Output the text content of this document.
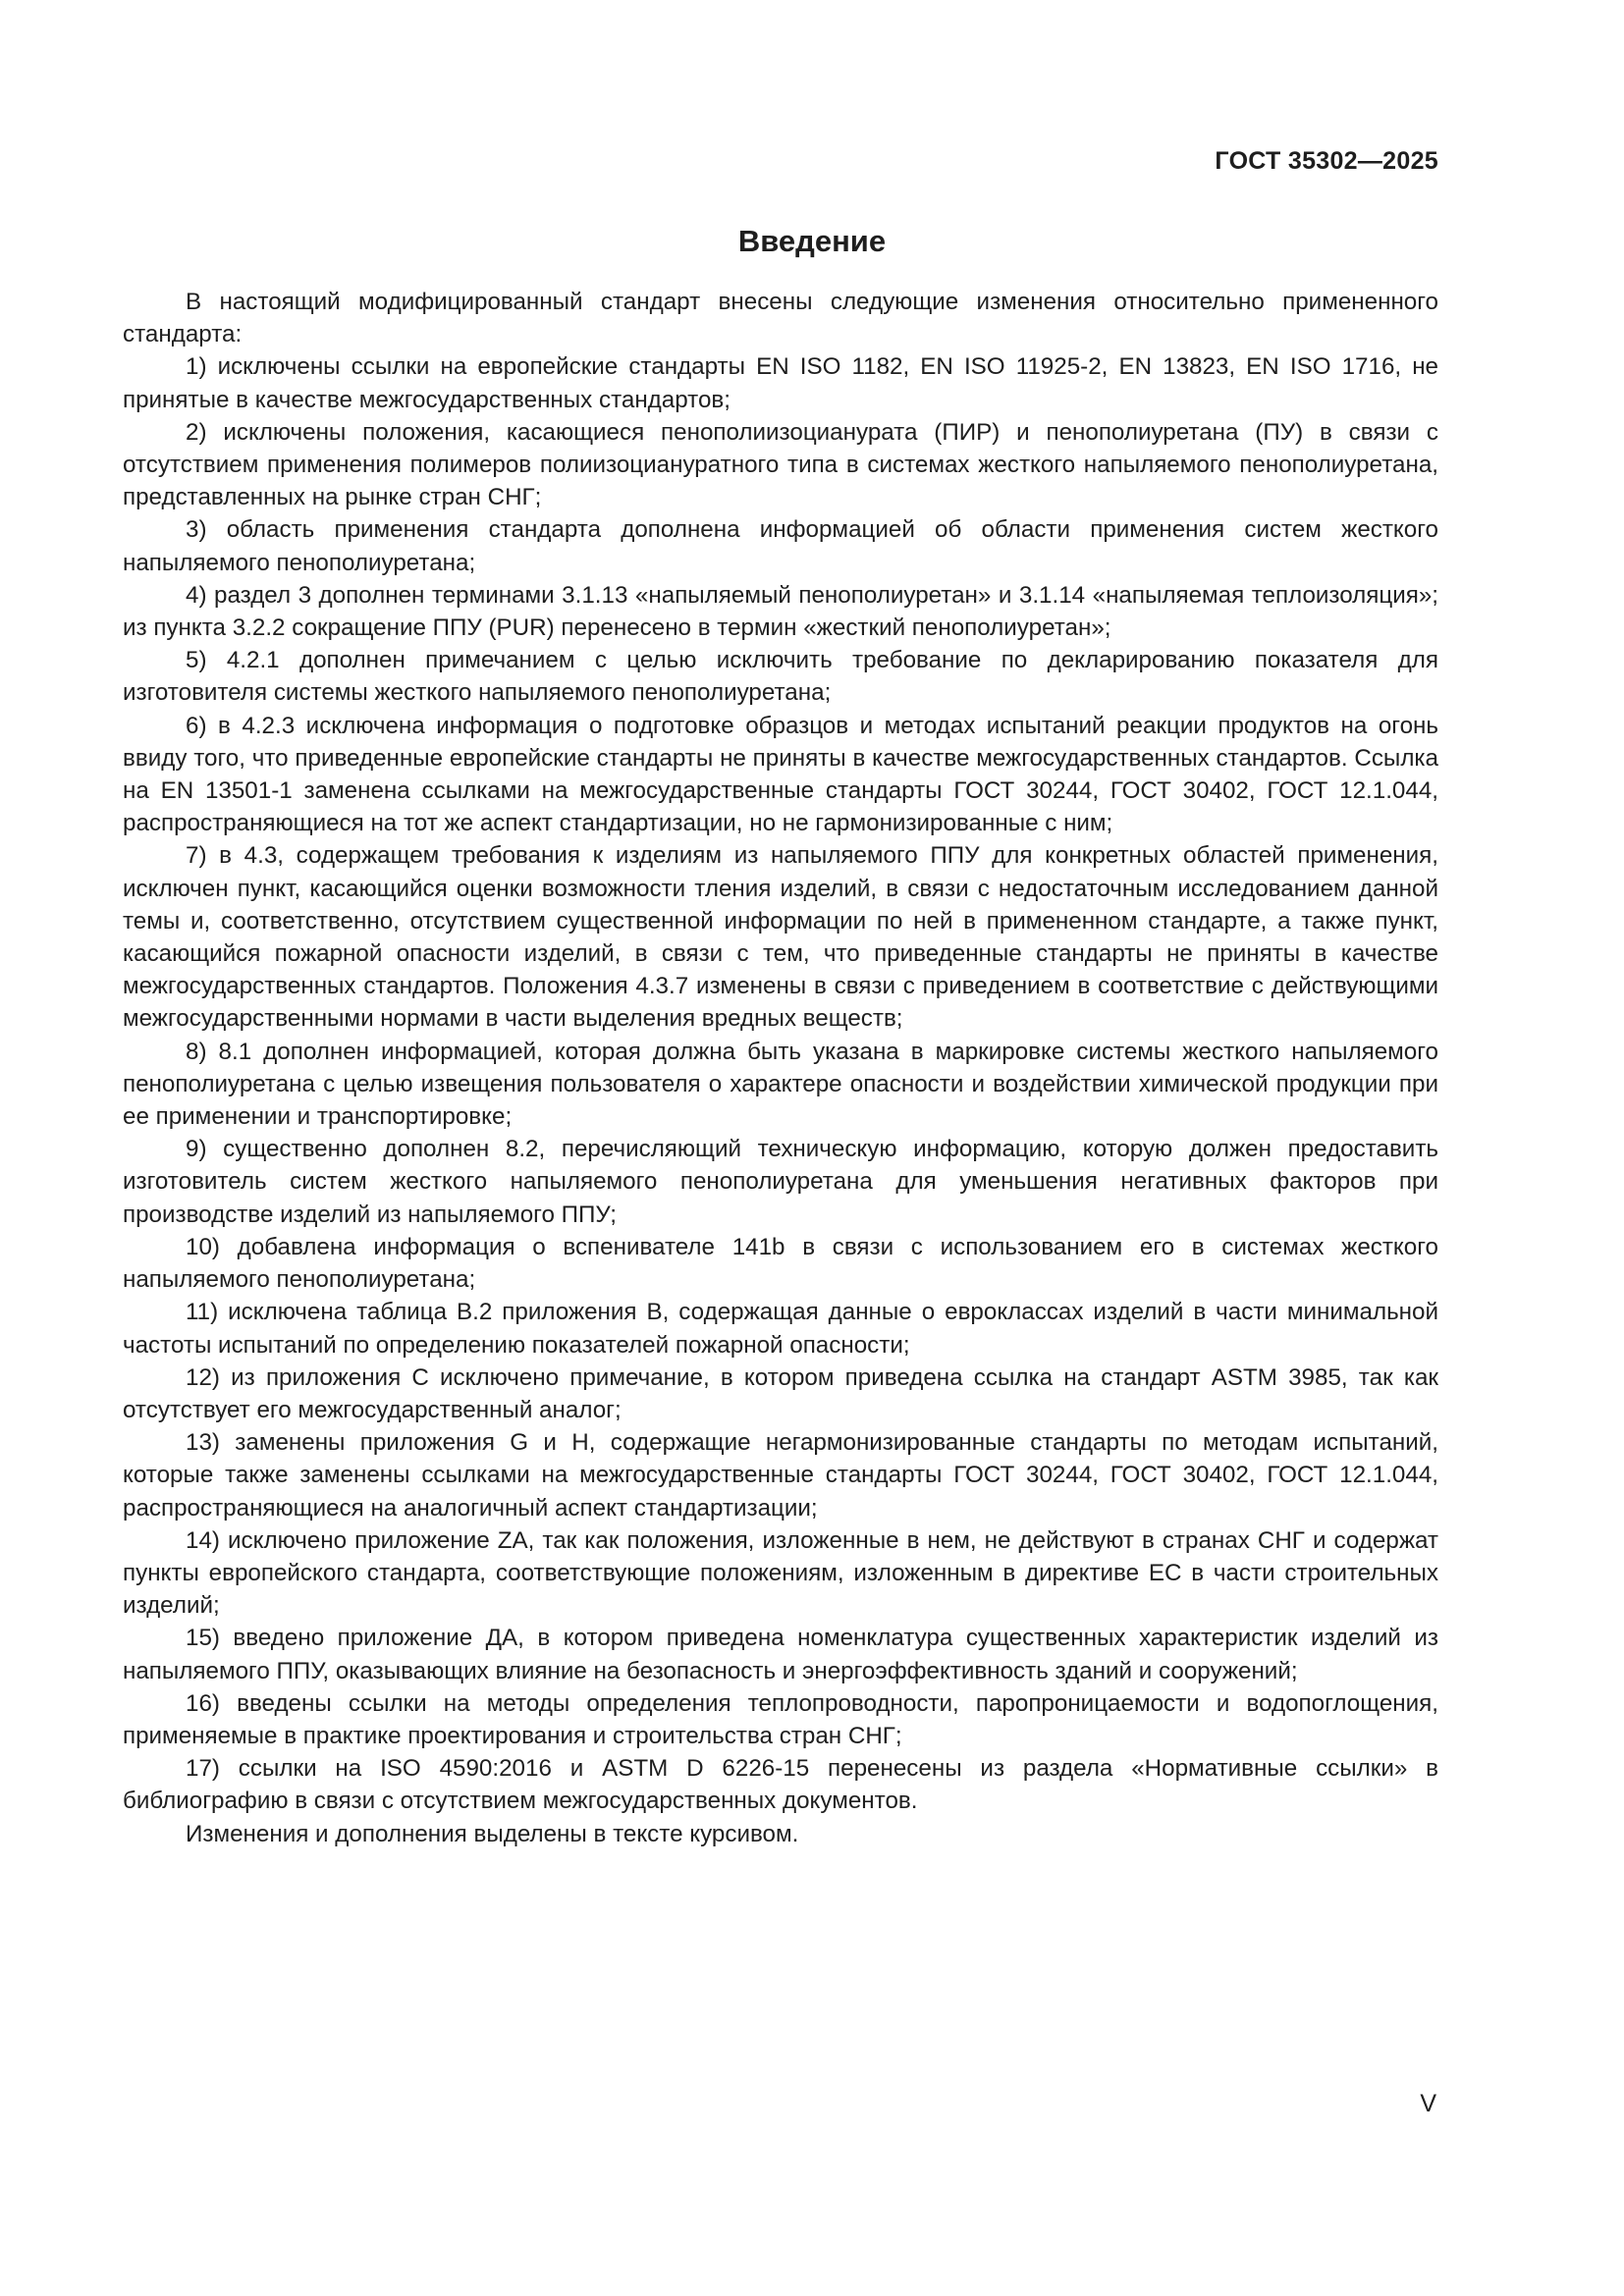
ГОСТ 35302—2025
Введение

В настоящий модифицированный стандарт внесены следующие изменения относительно примененного стандарта:

1) исключены ссылки на европейские стандарты EN ISO 1182, EN ISO 11925-2, EN 13823, EN ISO 1716, не принятые в качестве межгосударственных стандартов;

2) исключены положения, касающиеся пенополиизоцианурата (ПИР) и пенополиуретана (ПУ) в связи с отсутствием применения полимеров полиизоциануратного типа в системах жесткого напыляемого пенополиуретана, представленных на рынке стран СНГ;

3) область применения стандарта дополнена информацией об области применения систем жесткого напыляемого пенополиуретана;

4) раздел 3 дополнен терминами 3.1.13 «напыляемый пенополиуретан» и 3.1.14 «напыляемая теплоизоляция»; из пункта 3.2.2 сокращение ППУ (PUR) перенесено в термин «жесткий пенополиуретан»;

5) 4.2.1 дополнен примечанием с целью исключить требование по декларированию показателя для изготовителя системы жесткого напыляемого пенополиуретана;

6) в 4.2.3 исключена информация о подготовке образцов и методах испытаний реакции продуктов на огонь ввиду того, что приведенные европейские стандарты не приняты в качестве межгосударственных стандартов. Ссылка на EN 13501-1 заменена ссылками на межгосударственные стандарты ГОСТ 30244, ГОСТ 30402, ГОСТ 12.1.044, распространяющиеся на тот же аспект стандартизации, но не гармонизированные с ним;

7) в 4.3, содержащем требования к изделиям из напыляемого ППУ для конкретных областей применения, исключен пункт, касающийся оценки возможности тления изделий, в связи с недостаточным исследованием данной темы и, соответственно, отсутствием существенной информации по ней в примененном стандарте, а также пункт, касающийся пожарной опасности изделий, в связи с тем, что приведенные стандарты не приняты в качестве межгосударственных стандартов. Положения 4.3.7 изменены в связи с приведением в соответствие с действующими межгосударственными нормами в части выделения вредных веществ;

8) 8.1 дополнен информацией, которая должна быть указана в маркировке системы жесткого напыляемого пенополиуретана с целью извещения пользователя о характере опасности и воздействии химической продукции при ее применении и транспортировке;

9) существенно дополнен 8.2, перечисляющий техническую информацию, которую должен предоставить изготовитель систем жесткого напыляемого пенополиуретана для уменьшения негативных факторов при производстве изделий из напыляемого ППУ;

10) добавлена информация о вспенивателе 141b в связи с использованием его в системах жесткого напыляемого пенополиуретана;

11) исключена таблица В.2 приложения В, содержащая данные о евроклассах изделий в части минимальной частоты испытаний по определению показателей пожарной опасности;

12) из приложения С исключено примечание, в котором приведена ссылка на стандарт ASTM 3985, так как отсутствует его межгосударственный аналог;

13) заменены приложения G и H, содержащие негармонизированные стандарты по методам испытаний, которые также заменены ссылками на межгосударственные стандарты ГОСТ 30244, ГОСТ 30402, ГОСТ 12.1.044, распространяющиеся на аналогичный аспект стандартизации;

14) исключено приложение ZA, так как положения, изложенные в нем, не действуют в странах СНГ и содержат пункты европейского стандарта, соответствующие положениям, изложенным в директиве ЕС в части строительных изделий;

15) введено приложение ДА, в котором приведена номенклатура существенных характеристик изделий из напыляемого ППУ, оказывающих влияние на безопасность и энергоэффективность зданий и сооружений;

16) введены ссылки на методы определения теплопроводности, паропроницаемости и водопоглощения, применяемые в практике проектирования и строительства стран СНГ;

17) ссылки на ISO 4590:2016 и ASTM D 6226-15 перенесены из раздела «Нормативные ссылки» в библиографию в связи с отсутствием межгосударственных документов.

Изменения и дополнения выделены в тексте курсивом.

V
